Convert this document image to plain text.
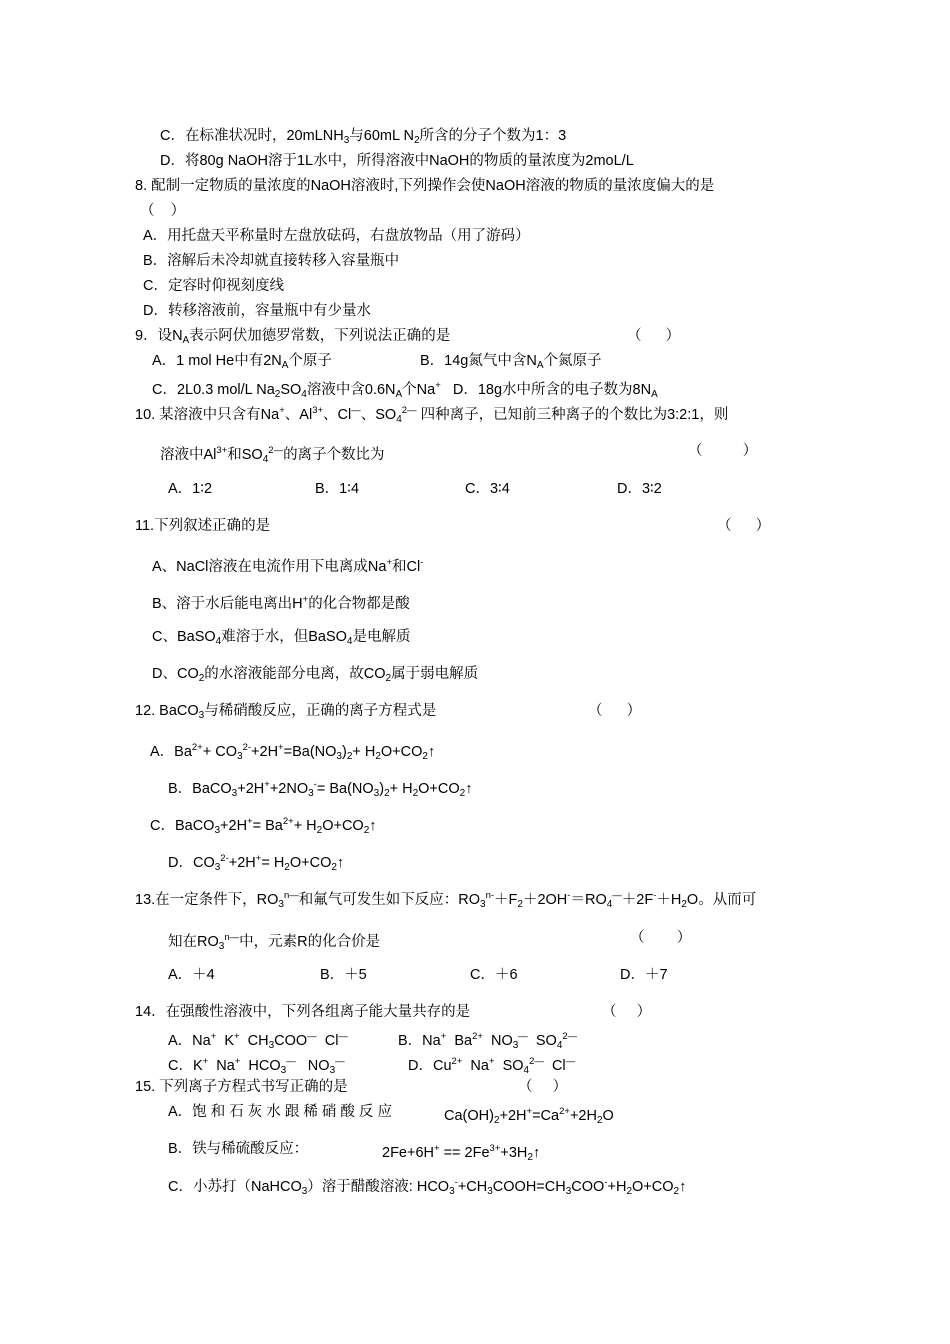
C．在标准状况时，20mLNH$_3$与60mL $N_2$所含的分子个数为1：3
D．将80g NaOH溶于1L水中，所得溶液中NaOH的物质的量浓度为2moL/L
8. 配制一定物质的量浓度的NaOH溶液时,下列操作会使NaOH溶液的物质的量浓度偏大的是
（    ）
A．用托盘天平称量时左盘放砝码，右盘放物品（用了游码）
B．溶解后未冷却就直接转移入容量瓶中
C．定容时仰视刻度线
D．转移溶液前，容量瓶中有少量水
9．设$N_A$表示阿伏加德罗常数，下列说法正确的是	（      ）
A．1 mol He中有$2N_A$个原子	B．14g氮气中含$N_A$个氮原子
C．2L0.3 mol/L $Na_2SO_4$溶液中含$0.6N_A$个Na+   D．18g水中所含的电子数为$8N_A$
10. 某溶液中只含有Na+、$Al^{3+}$、Cl—、$SO_4^{2—}$ 四种离子，已知前三种离子的个数比为3:2:1，则
溶液中$Al^{3+}$和$SO_4^{2—}$的离子个数比为	（          ）
A．1∶2	B．1∶4	C．3∶4	D．3∶2
11.下列叙述正确的是	（      ）
A、NaCl溶液在电流作用下电离成Na+和Cl-
B、溶于水后能电离出H+的化合物都是酸
C、BaSO$_4$难溶于水，但BaSO$_4$是电解质
D、$CO_2$的水溶液能部分电离，故$CO_2$属于弱电解质
12. BaCO$_3$与稀硝酸反应，正确的离子方程式是	（      ）
A．$Ba^{2+}+ CO_3^{2-}+2H^+=Ba(NO_3)_2+$ $H_2O+CO_2↑$
B．$BaCO_3+2H^++2NO_3^-= Ba(NO_3)_2+$ $H_2O+CO_2↑$
C．BaCO$_3$+2H+= $Ba^{2+}+$ $H_2O+CO_2↑$
D．$CO_3^{2-}+2H^+=$ $H_2O+CO_2↑$
13.在一定条件下，$RO_3^{n—}$和氟气可发生如下反应：$RO_3^{n-}+F_2+2OH^-=RO_4^—+2F^-+H_2O$。从而可
知在$RO_3^{n—}$中，元素R的化合价是	（        ）
A．＋4	B．＋5	C．＋6	D．＋7
14．在强酸性溶液中，下列各组离子能大量共存的是	（     ）
A．Na+  K+  $CH_3COO^—$  Cl—	B．Na+  $Ba^{2+}$  $NO_3^—$  $SO_4^{2—}$
C．K+  Na+  $HCO_3^—$   $NO_3^—$	D．$Cu^{2+}$  Na+  $SO_4^{2—}$  Cl—
15. 下列离子方程式书写正确的是	（     ）
A．饱 和 石 灰 水 跟 稀 硝 酸 反 应	$Ca(OH)_2+2H^+=Ca^{2+}+2H_2O$
B．铁与稀硫酸反应：	$2Fe+6H^+ == 2Fe^{3+}+3H_2↑$
C．小苏打（NaHCO$_3$）溶于醋酸溶液: $HCO_3^-+CH_3COOH=CH_3COO^-+H_2O+CO_2↑$
